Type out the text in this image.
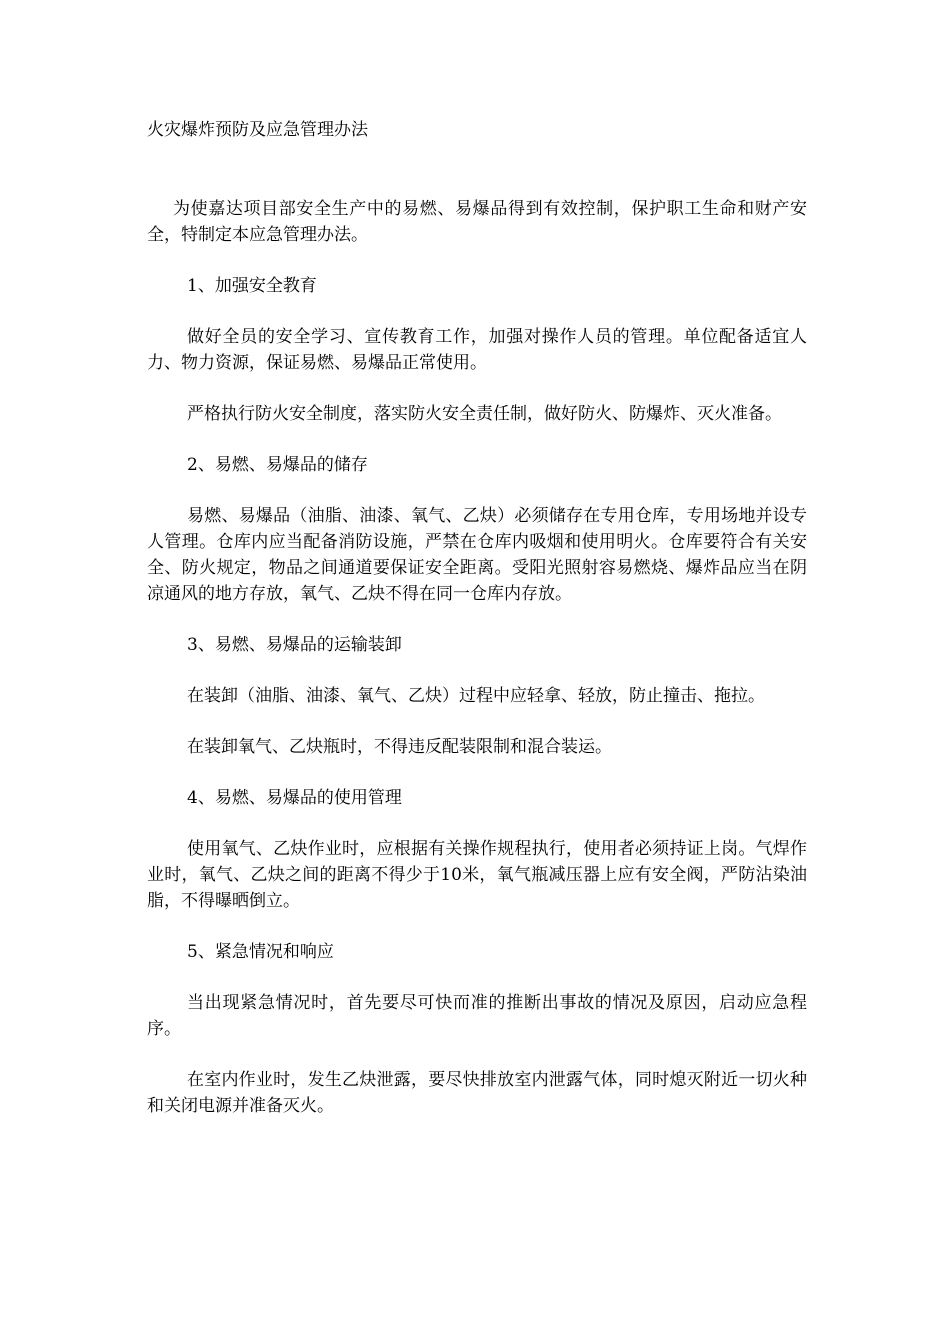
火灾爆炸预防及应急管理办法

为使嘉达项目部安全生产中的易燃、易爆品得到有效控制，保护职工生命和财产安全，特制定本应急管理办法。

1、加强安全教育

做好全员的安全学习、宣传教育工作，加强对操作人员的管理。单位配备适宜人力、物力资源，保证易燃、易爆品正常使用。

严格执行防火安全制度，落实防火安全责任制，做好防火、防爆炸、灭火准备。

2、易燃、易爆品的储存

易燃、易爆品（油脂、油漆、氧气、乙炔）必须储存在专用仓库，专用场地并设专人管理。仓库内应当配备消防设施，严禁在仓库内吸烟和使用明火。仓库要符合有关安全、防火规定，物品之间通道要保证安全距离。受阳光照射容易燃烧、爆炸品应当在阴凉通风的地方存放，氧气、乙炔不得在同一仓库内存放。

3、易燃、易爆品的运输装卸

在装卸（油脂、油漆、氧气、乙炔）过程中应轻拿、轻放，防止撞击、拖拉。

在装卸氧气、乙炔瓶时，不得违反配装限制和混合装运。

4、易燃、易爆品的使用管理

使用氧气、乙炔作业时，应根据有关操作规程执行，使用者必须持证上岗。气焊作业时，氧气、乙炔之间的距离不得少于10米，氧气瓶减压器上应有安全阀，严防沾染油脂，不得曝晒倒立。

5、紧急情况和响应

当出现紧急情况时，首先要尽可快而准的推断出事故的情况及原因，启动应急程序。

在室内作业时，发生乙炔泄露，要尽快排放室内泄露气体，同时熄灭附近一切火种和关闭电源并准备灭火。
